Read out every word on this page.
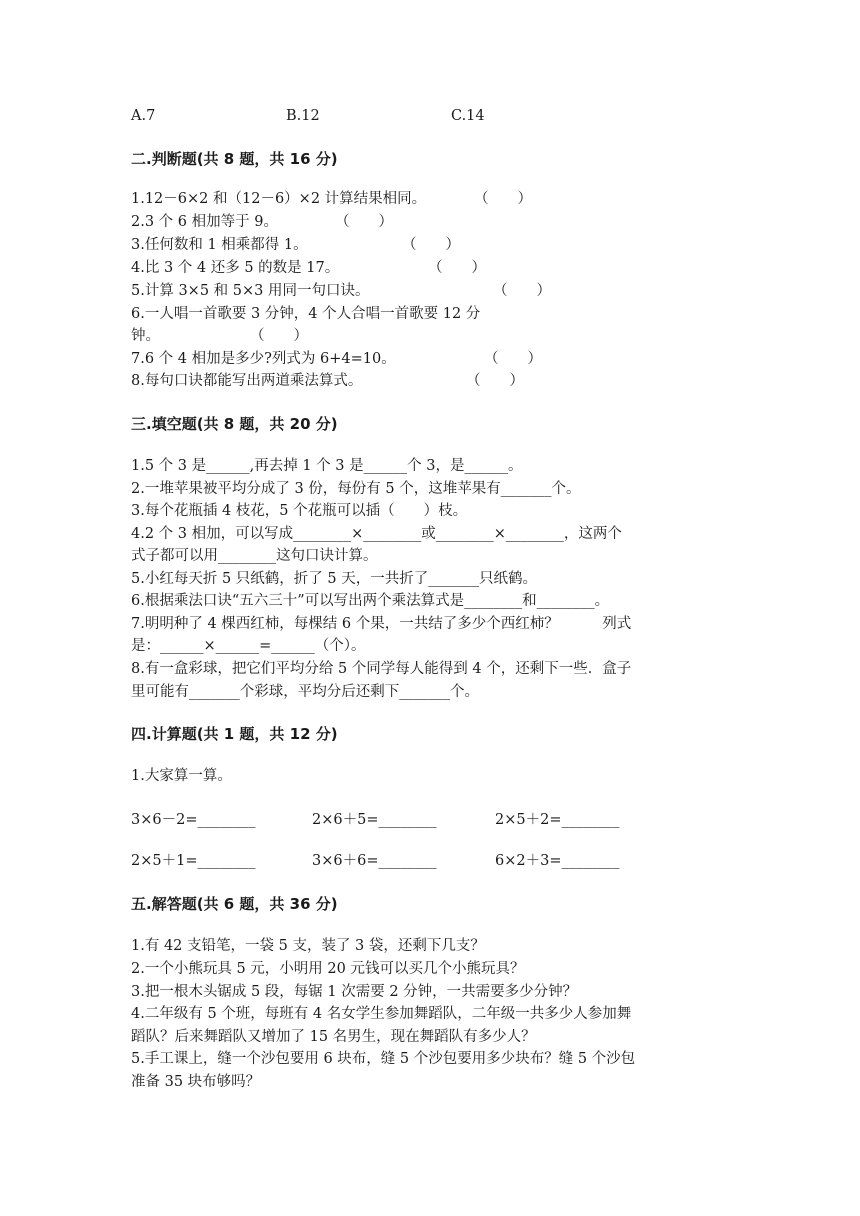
A.7	B.12	C.14
二.判断题(共 8 题，共 16 分)
1.12－6×2 和（12－6）×2 计算结果相同。	（　　）
2.3 个 6 相加等于 9。	（　　）
3.任何数和 1 相乘都得 1。	（　　）
4.比 3 个 4 还多 5 的数是 17。	（　　）
5.计算 3×5 和 5×3 用同一句口诀。	（　　）
6.一人唱一首歌要 3 分钟，4 个人合唱一首歌要 12 分
钟。	（　　）
7.6 个 4 相加是多少?列式为 6+4=10。	（　　）
8.每句口诀都能写出两道乘法算式。	（　　）
三.填空题(共 8 题，共 20 分)
1.5 个 3 是______,再去掉 1 个 3 是______个 3，是______。
2.一堆苹果被平均分成了 3 份，每份有 5 个，这堆苹果有_______个。
3.每个花瓶插 4 枝花，5 个花瓶可以插（　　）枝。
4.2 个 3 相加，可以写成________×________或________×________，这两个
式子都可以用________这句口诀计算。
5.小红每天折 5 只纸鹤，折了 5 天，一共折了_______只纸鹤。
6.根据乘法口诀“五六三十”可以写出两个乘法算式是________和________。
7.明明种了 4 棵西红柿，每棵结 6 个果，一共结了多少个西红柿？　　　列式
是：______×______=______（个）。
8.有一盒彩球，把它们平均分给 5 个同学每人能得到 4 个，还剩下一些．盒子
里可能有_______个彩球，平均分后还剩下_______个。
四.计算题(共 1 题，共 12 分)
1.大家算一算。
3×6－2=________	2×6＋5=________	2×5＋2=________
2×5＋1=________	3×6＋6=________	6×2＋3=________
五.解答题(共 6 题，共 36 分)
1.有 42 支铅笔，一袋 5 支，装了 3 袋，还剩下几支？
2.一个小熊玩具 5 元，小明用 20 元钱可以买几个小熊玩具？
3.把一根木头锯成 5 段，每锯 1 次需要 2 分钟，一共需要多少分钟？
4.二年级有 5 个班，每班有 4 名女学生参加舞蹈队，二年级一共多少人参加舞
蹈队？后来舞蹈队又增加了 15 名男生，现在舞蹈队有多少人？
5.手工课上，缝一个沙包要用 6 块布，缝 5 个沙包要用多少块布？缝 5 个沙包
准备 35 块布够吗？
